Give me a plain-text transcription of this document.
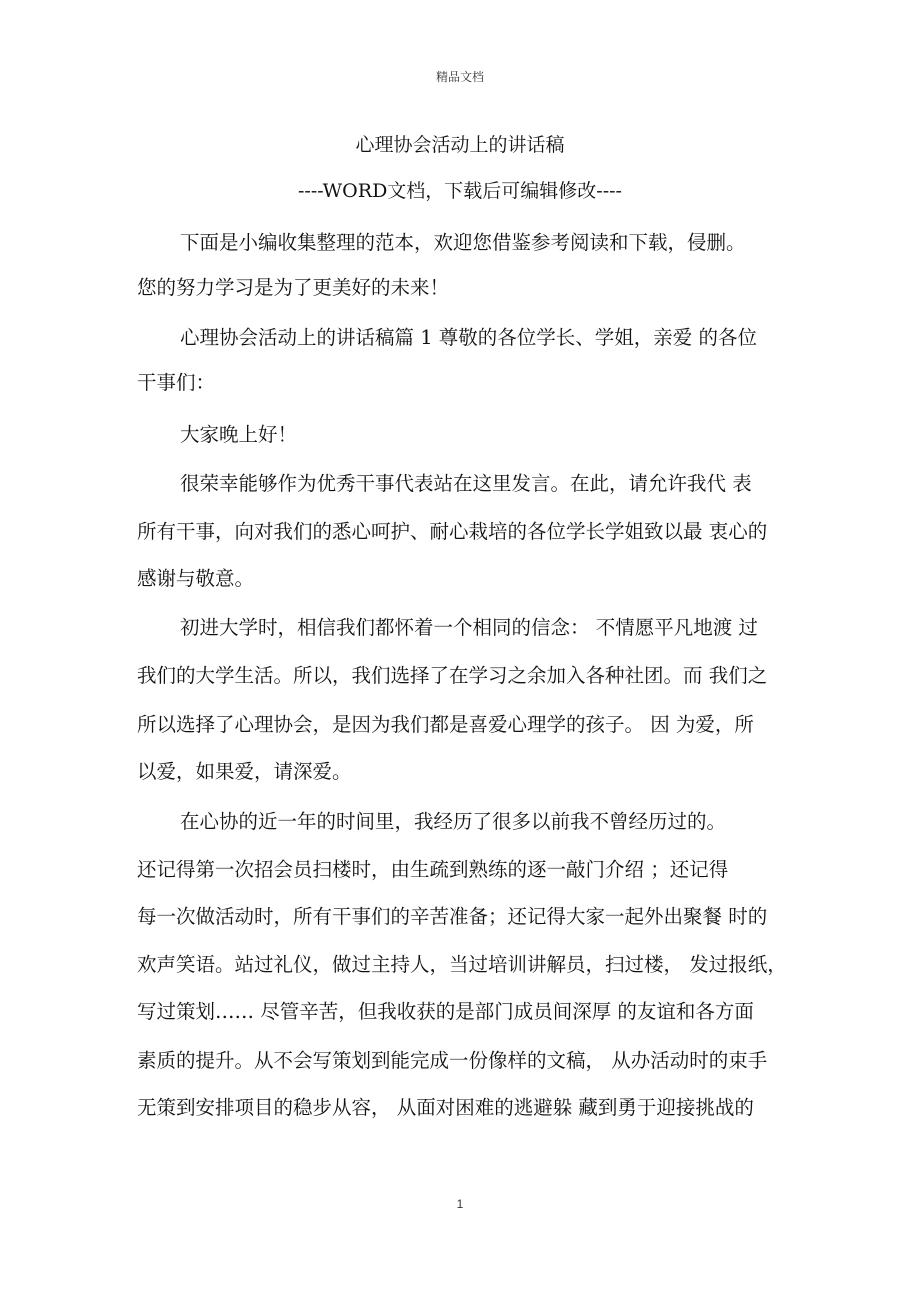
精品文档
心理协会活动上的讲话稿
----WORD文档，下载后可编辑修改----
下面是小编收集整理的范本，欢迎您借鉴参考阅读和下载，侵删。
您的努力学习是为了更美好的未来！
心理协会活动上的讲话稿篇 1 尊敬的各位学长、学姐，亲爱 的各位
干事们：
大家晚上好！
很荣幸能够作为优秀干事代表站在这里发言。在此，请允许我代 表
所有干事，向对我们的悉心呵护、耐心栽培的各位学长学姐致以最 衷心的
感谢与敬意。
初进大学时，相信我们都怀着一个相同的信念： 不情愿平凡地渡 过
我们的大学生活。所以，我们选择了在学习之余加入各种社团。而 我们之
所以选择了心理协会，是因为我们都是喜爱心理学的孩子。 因 为爱，所
以爱，如果爱，请深爱。
在心协的近一年的时间里，我经历了很多以前我不曾经历过的。
还记得第一次招会员扫楼时，由生疏到熟练的逐一敲门介绍 ；还记得
每一次做活动时，所有干事们的辛苦准备；还记得大家一起外出聚餐 时的
欢声笑语。站过礼仪，做过主持人，当过培训讲解员，扫过楼， 发过报纸，
写过策划…… 尽管辛苦，但我收获的是部门成员间深厚 的友谊和各方面
素质的提升。从不会写策划到能完成一份像样的文稿， 从办活动时的束手
无策到安排项目的稳步从容， 从面对困难的逃避躲 藏到勇于迎接挑战的
1
